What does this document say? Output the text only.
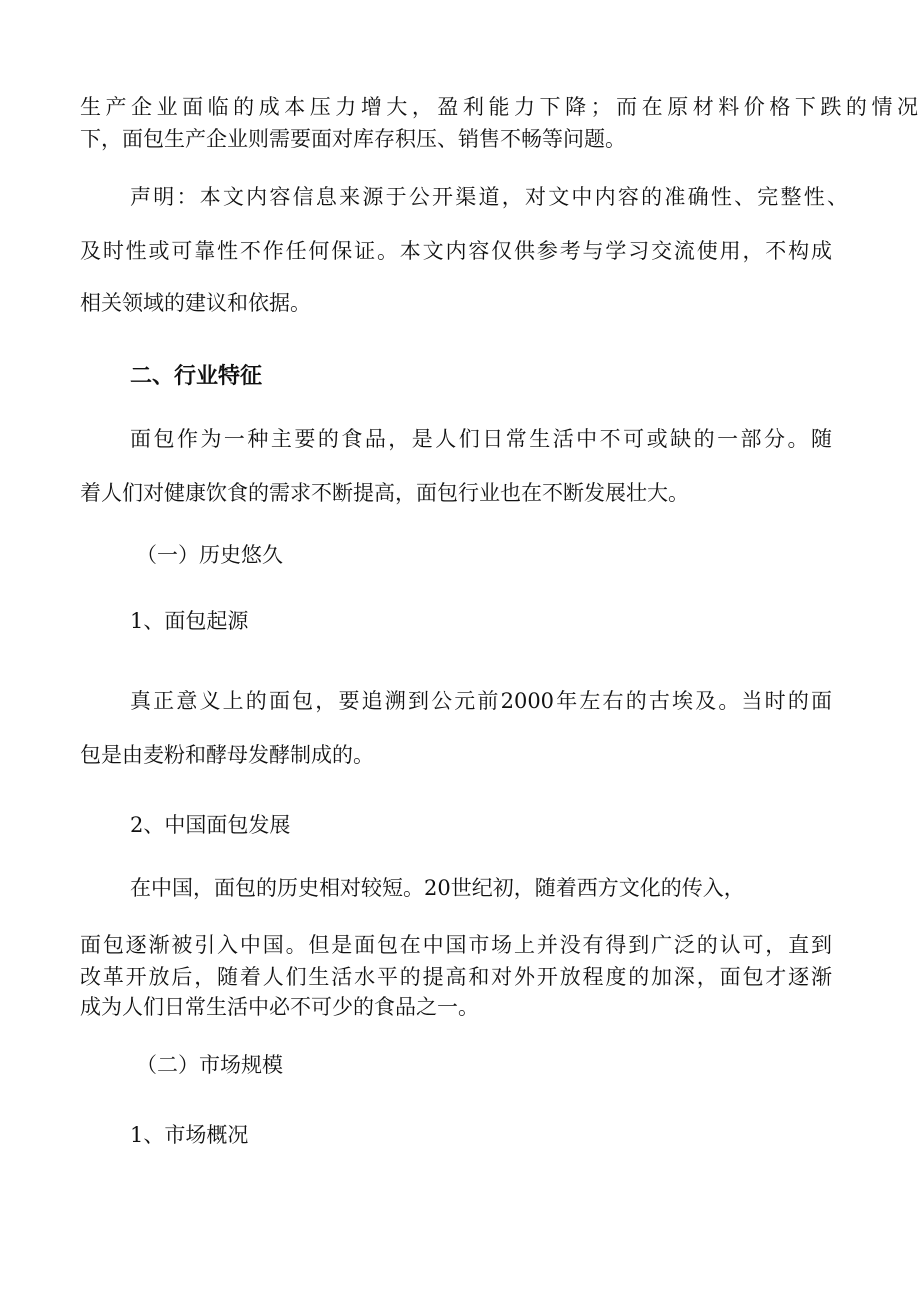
生产企业面临的成本压力增大，盈利能力下降；而在原材料价格下跌的情况

下，面包生产企业则需要面对库存积压、销售不畅等问题。

声明：本文内容信息来源于公开渠道，对文中内容的准确性、完整性、

及时性或可靠性不作任何保证。本文内容仅供参考与学习交流使用，不构成

相关领域的建议和依据。

二、行业特征

面包作为一种主要的食品，是人们日常生活中不可或缺的一部分。随

着人们对健康饮食的需求不断提高，面包行业也在不断发展壮大。

（一）历史悠久

1、面包起源

真正意义上的面包，要追溯到公元前2000年左右的古埃及。当时的面

包是由麦粉和酵母发酵制成的。

2、中国面包发展

在中国，面包的历史相对较短。20世纪初，随着西方文化的传入，

面包逐渐被引入中国。但是面包在中国市场上并没有得到广泛的认可，直到

改革开放后，随着人们生活水平的提高和对外开放程度的加深，面包才逐渐

成为人们日常生活中必不可少的食品之一。

（二）市场规模

1、市场概况
